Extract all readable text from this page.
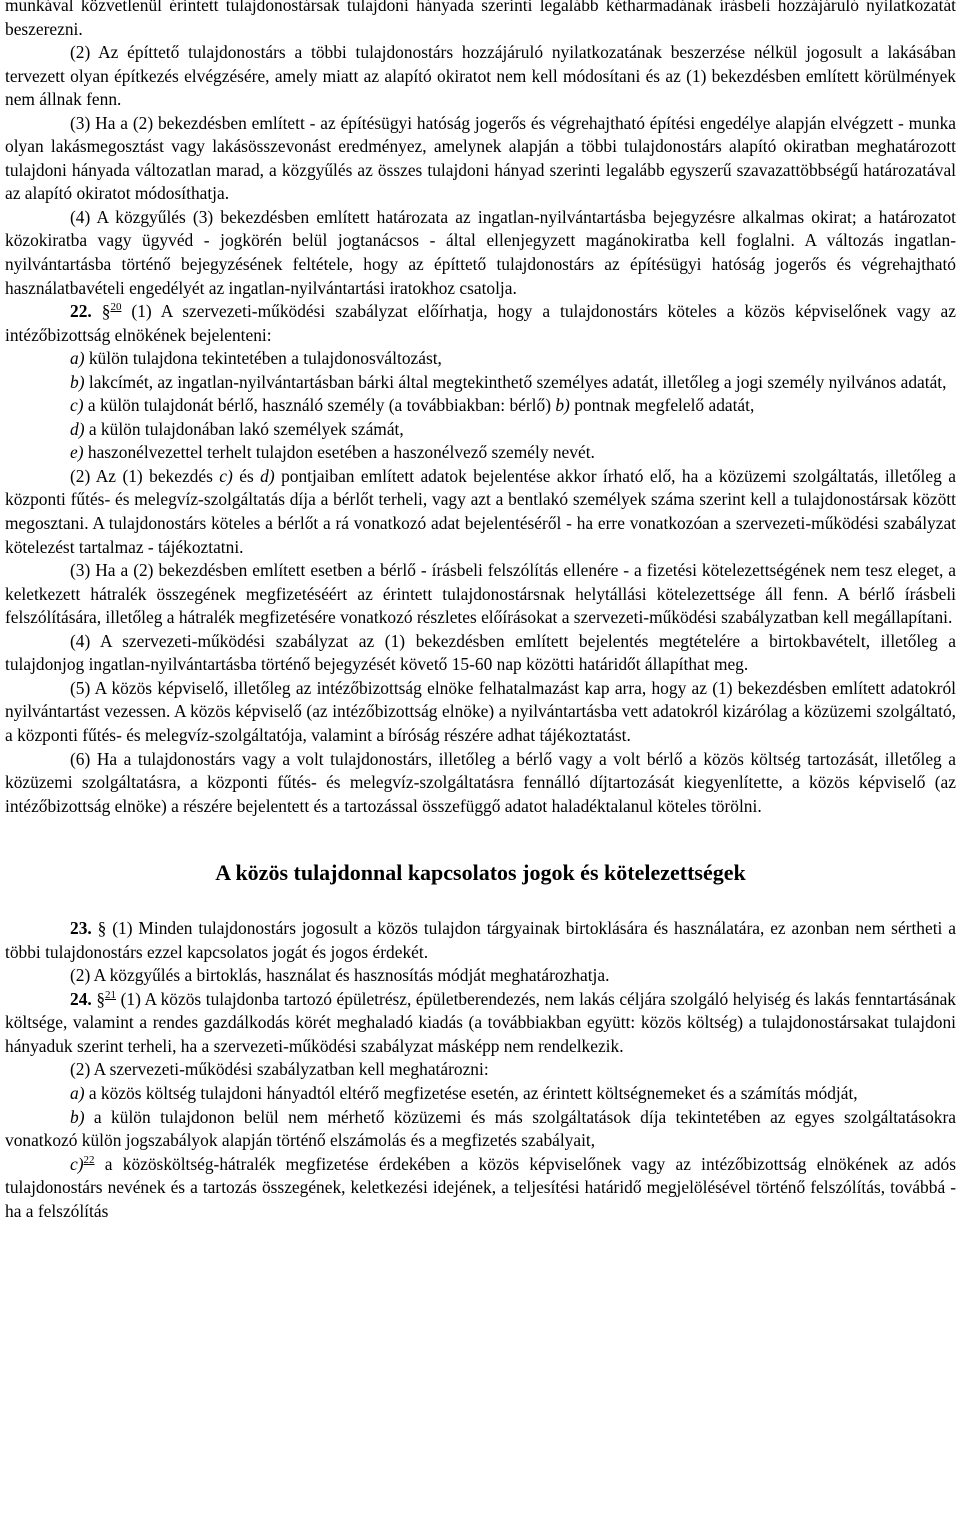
munkával közvetlenül érintett tulajdonostársak tulajdoni hányada szerinti legalább kétharmadának írásbeli hozzájáruló nyilatkozatát beszerezni.

(2) Az építtető tulajdonostárs a többi tulajdonostárs hozzájáruló nyilatkozatának beszerzése nélkül jogosult a lakásában tervezett olyan építkezés elvégzésére, amely miatt az alapító okiratot nem kell módosítani és az (1) bekezdésben említett körülmények nem állnak fenn.

(3) Ha a (2) bekezdésben említett - az építésügyi hatóság jogerős és végrehajtható építési engedélye alapján elvégzett - munka olyan lakásmegosztást vagy lakásösszevonást eredményez, amelynek alapján a többi tulajdonostárs alapító okiratban meghatározott tulajdoni hányada változatlan marad, a közgyűlés az összes tulajdoni hányad szerinti legalább egyszerű szavazattöbbségű határozatával az alapító okiratot módosíthatja.

(4) A közgyűlés (3) bekezdésben említett határozata az ingatlan-nyilvántartásba bejegyzésre alkalmas okirat; a határozatot közokiratba vagy ügyvéd - jogkörén belül jogtanácsos - által ellenjegyzett magánokiratba kell foglalni. A változás ingatlan-nyilvántartásba történő bejegyzésének feltétele, hogy az építtető tulajdonostárs az építésügyi hatóság jogerős és végrehajtható használatbavételi engedélyét az ingatlan-nyilvántartási iratokhoz csatolja.

22. §$^{20}$ (1) A szervezeti-működési szabályzat előírhatja, hogy a tulajdonostárs köteles a közös képviselőnek vagy az intézőbizottság elnökének bejelenteni:

a) külön tulajdona tekintetében a tulajdonosváltozást,

b) lakcímét, az ingatlan-nyilvántartásban bárki által megtekinthető személyes adatát, illetőleg a jogi személy nyilvános adatát,

c) a külön tulajdonát bérlő, használó személy (a továbbiakban: bérlő) b) pontnak megfelelő adatát,

d) a külön tulajdonában lakó személyek számát,

e) haszonélvezettel terhelt tulajdon esetében a haszonélvező személy nevét.

(2) Az (1) bekezdés c) és d) pontjaiban említett adatok bejelentése akkor írható elő, ha a közüzemi szolgáltatás, illetőleg a központi fűtés- és melegvíz-szolgáltatás díja a bérlőt terheli, vagy azt a bentlakó személyek száma szerint kell a tulajdonostársak között megosztani. A tulajdonostárs köteles a bérlőt a rá vonatkozó adat bejelentéséről - ha erre vonatkozóan a szervezeti-működési szabályzat kötelezést tartalmaz - tájékoztatni.

(3) Ha a (2) bekezdésben említett esetben a bérlő - írásbeli felszólítás ellenére - a fizetési kötelezettségének nem tesz eleget, a keletkezett hátralék összegének megfizetéséért az érintett tulajdonostársnak helytállási kötelezettsége áll fenn. A bérlő írásbeli felszólítására, illetőleg a hátralék megfizetésére vonatkozó részletes előírásokat a szervezeti-működési szabályzatban kell megállapítani.

(4) A szervezeti-működési szabályzat az (1) bekezdésben említett bejelentés megtételére a birtokbavételt, illetőleg a tulajdonjog ingatlan-nyilvántartásba történő bejegyzését követő 15-60 nap közötti határidőt állapíthat meg.

(5) A közös képviselő, illetőleg az intézőbizottság elnöke felhatalmazást kap arra, hogy az (1) bekezdésben említett adatokról nyilvántartást vezessen. A közös képviselő (az intézőbizottság elnöke) a nyilvántartásba vett adatokról kizárólag a közüzemi szolgáltató, a központi fűtés- és melegvíz-szolgáltatója, valamint a bíróság részére adhat tájékoztatást.

(6) Ha a tulajdonostárs vagy a volt tulajdonostárs, illetőleg a bérlő vagy a volt bérlő a közös költség tartozását, illetőleg a közüzemi szolgáltatásra, a központi fűtés- és melegvíz-szolgáltatásra fennálló díjtartozását kiegyenlítette, a közös képviselő (az intézőbizottság elnöke) a részére bejelentett és a tartozással összefüggő adatot haladéktalanul köteles törölni.

A közös tulajdonnal kapcsolatos jogok és kötelezettségek

23. § (1) Minden tulajdonostárs jogosult a közös tulajdon tárgyainak birtoklására és használatára, ez azonban nem sértheti a többi tulajdonostárs ezzel kapcsolatos jogát és jogos érdekét.

(2) A közgyűlés a birtoklás, használat és hasznosítás módját meghatározhatja.

24. §$^{21}$ (1) A közös tulajdonba tartozó épületrész, épületberendezés, nem lakás céljára szolgáló helyiség és lakás fenntartásának költsége, valamint a rendes gazdálkodás körét meghaladó kiadás (a továbbiakban együtt: közös költség) a tulajdonostársakat tulajdoni hányaduk szerint terheli, ha a szervezeti-működési szabályzat másképp nem rendelkezik.

(2) A szervezeti-működési szabályzatban kell meghatározni:

a) a közös költség tulajdoni hányadtól eltérő megfizetése esetén, az érintett költségnemeket és a számítás módját,

b) a külön tulajdonon belül nem mérhető közüzemi és más szolgáltatások díja tekintetében az egyes szolgáltatásokra vonatkozó külön jogszabályok alapján történő elszámolás és a megfizetés szabályait,

c)$^{22}$ a közösköltség-hátralék megfizetése érdekében a közös képviselőnek vagy az intézőbizottság elnökének az adós tulajdonostárs nevének és a tartozás összegének, keletkezési idejének, a teljesítési határidő megjelölésével történő felszólítás, továbbá - ha a felszólítás
